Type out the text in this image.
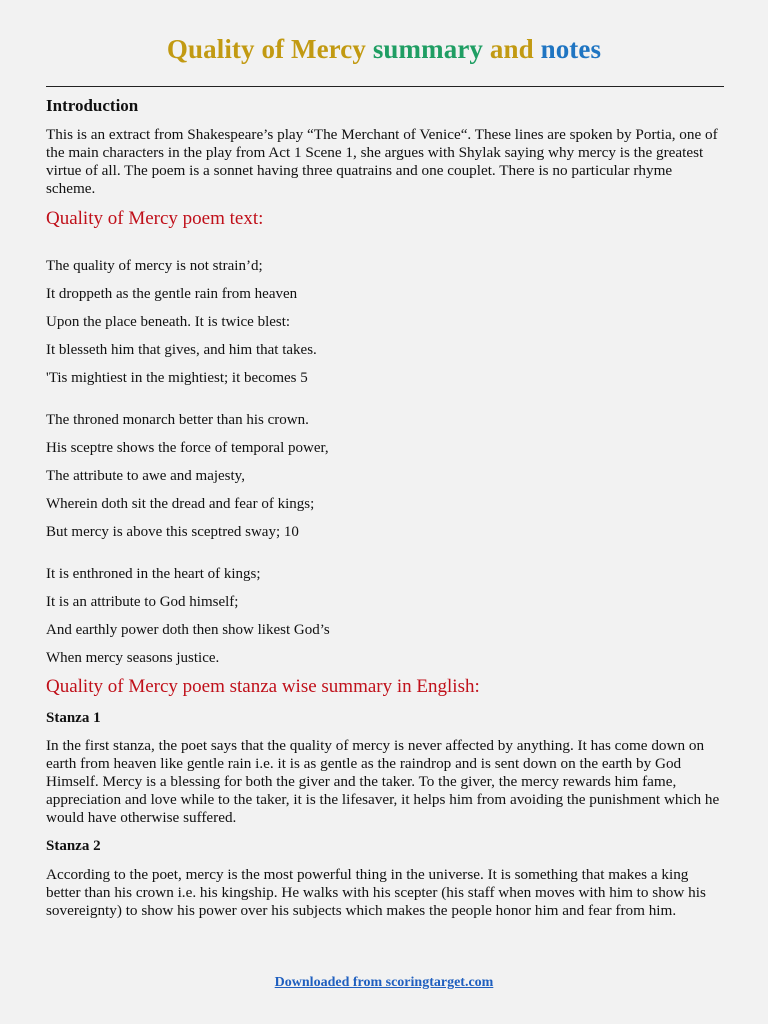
Quality of Mercy summary and notes
Introduction
This is an extract from Shakespeare’s play “The Merchant of Venice“. These lines are spoken by Portia, one of the main characters in the play from Act 1 Scene 1, she argues with Shylak saying why mercy is the greatest virtue of all. The poem is a sonnet having three quatrains and one couplet. There is no particular rhyme scheme.
Quality of Mercy poem text:
The quality of mercy is not strain’d;
It droppeth as the gentle rain from heaven
Upon the place beneath. It is twice blest:
It blesseth him that gives, and him that takes.
'Tis mightiest in the mightiest; it becomes 5
The throned monarch better than his crown.
His sceptre shows the force of temporal power,
The attribute to awe and majesty,
Wherein doth sit the dread and fear of kings;
But mercy is above this sceptred sway; 10
It is enthroned in the heart of kings;
It is an attribute to God himself;
And earthly power doth then show likest God’s
When mercy seasons justice.
Quality of Mercy poem stanza wise summary in English:
Stanza 1
In the first stanza, the poet says that the quality of mercy is never affected by anything. It has come down on earth from heaven like gentle rain i.e. it is as gentle as the raindrop and is sent down on the earth by God Himself. Mercy is a blessing for both the giver and the taker. To the giver, the mercy rewards him fame, appreciation and love while to the taker, it is the lifesaver, it helps him from avoiding the punishment which he would have otherwise suffered.
Stanza 2
According to the poet, mercy is the most powerful thing in the universe. It is something that makes a king better than his crown i.e. his kingship. He walks with his scepter (his staff when moves with him to show his sovereignty) to show his power over his subjects which makes the people honor him and fear from him.
Downloaded from scoringtarget.com
